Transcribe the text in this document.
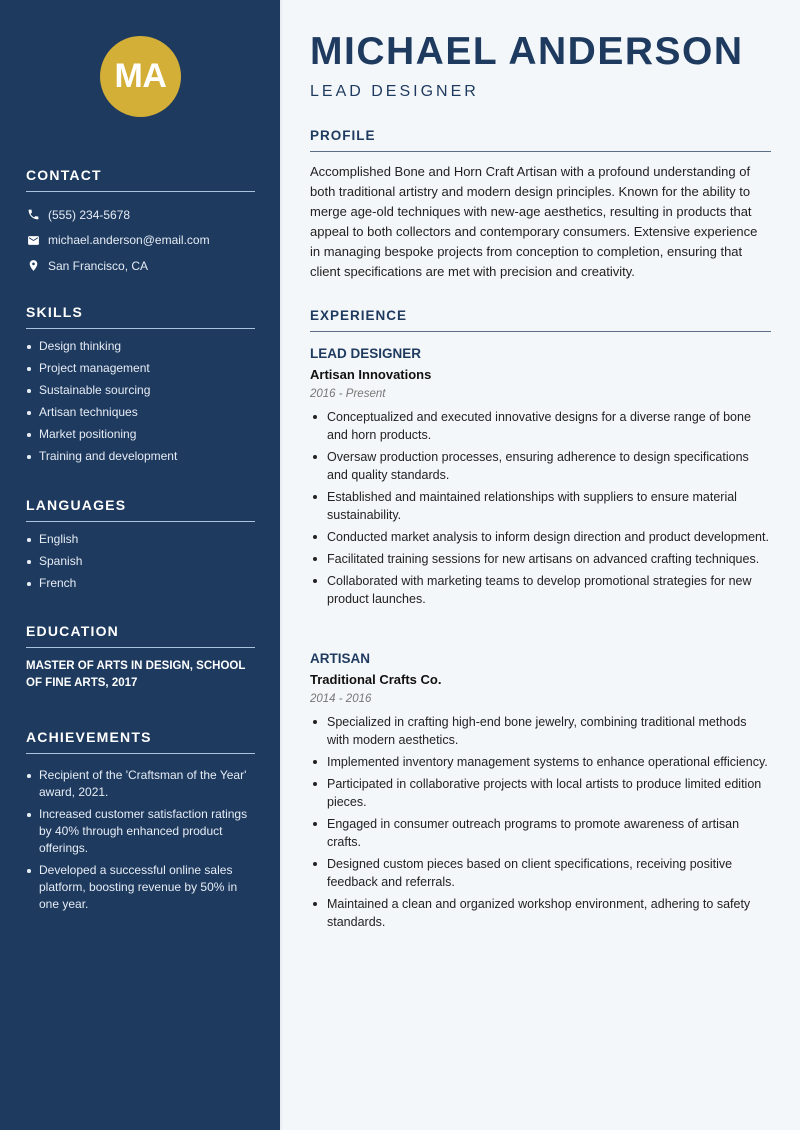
MA
CONTACT
(555) 234-5678
michael.anderson@email.com
San Francisco, CA
SKILLS
Design thinking
Project management
Sustainable sourcing
Artisan techniques
Market positioning
Training and development
LANGUAGES
English
Spanish
French
EDUCATION

MASTER OF ARTS IN DESIGN, SCHOOL OF FINE ARTS, 2017

ACHIEVEMENTS
Recipient of the 'Craftsman of the Year' award, 2021.
Increased customer satisfaction ratings by 40% through enhanced product offerings.
Developed a successful online sales platform, boosting revenue by 50% in one year.
MICHAEL ANDERSON
LEAD DESIGNER
PROFILE

Accomplished Bone and Horn Craft Artisan with a profound understanding of both traditional artistry and modern design principles. Known for the ability to merge age-old techniques with new-age aesthetics, resulting in products that appeal to both collectors and contemporary consumers. Extensive experience in managing bespoke projects from conception to completion, ensuring that client specifications are met with precision and creativity.

EXPERIENCE
LEAD DESIGNER
Artisan Innovations
2016 - Present
Conceptualized and executed innovative designs for a diverse range of bone and horn products.
Oversaw production processes, ensuring adherence to design specifications and quality standards.
Established and maintained relationships with suppliers to ensure material sustainability.
Conducted market analysis to inform design direction and product development.
Facilitated training sessions for new artisans on advanced crafting techniques.
Collaborated with marketing teams to develop promotional strategies for new product launches.
ARTISAN
Traditional Crafts Co.
2014 - 2016
Specialized in crafting high-end bone jewelry, combining traditional methods with modern aesthetics.
Implemented inventory management systems to enhance operational efficiency.
Participated in collaborative projects with local artists to produce limited edition pieces.
Engaged in consumer outreach programs to promote awareness of artisan crafts.
Designed custom pieces based on client specifications, receiving positive feedback and referrals.
Maintained a clean and organized workshop environment, adhering to safety standards.
